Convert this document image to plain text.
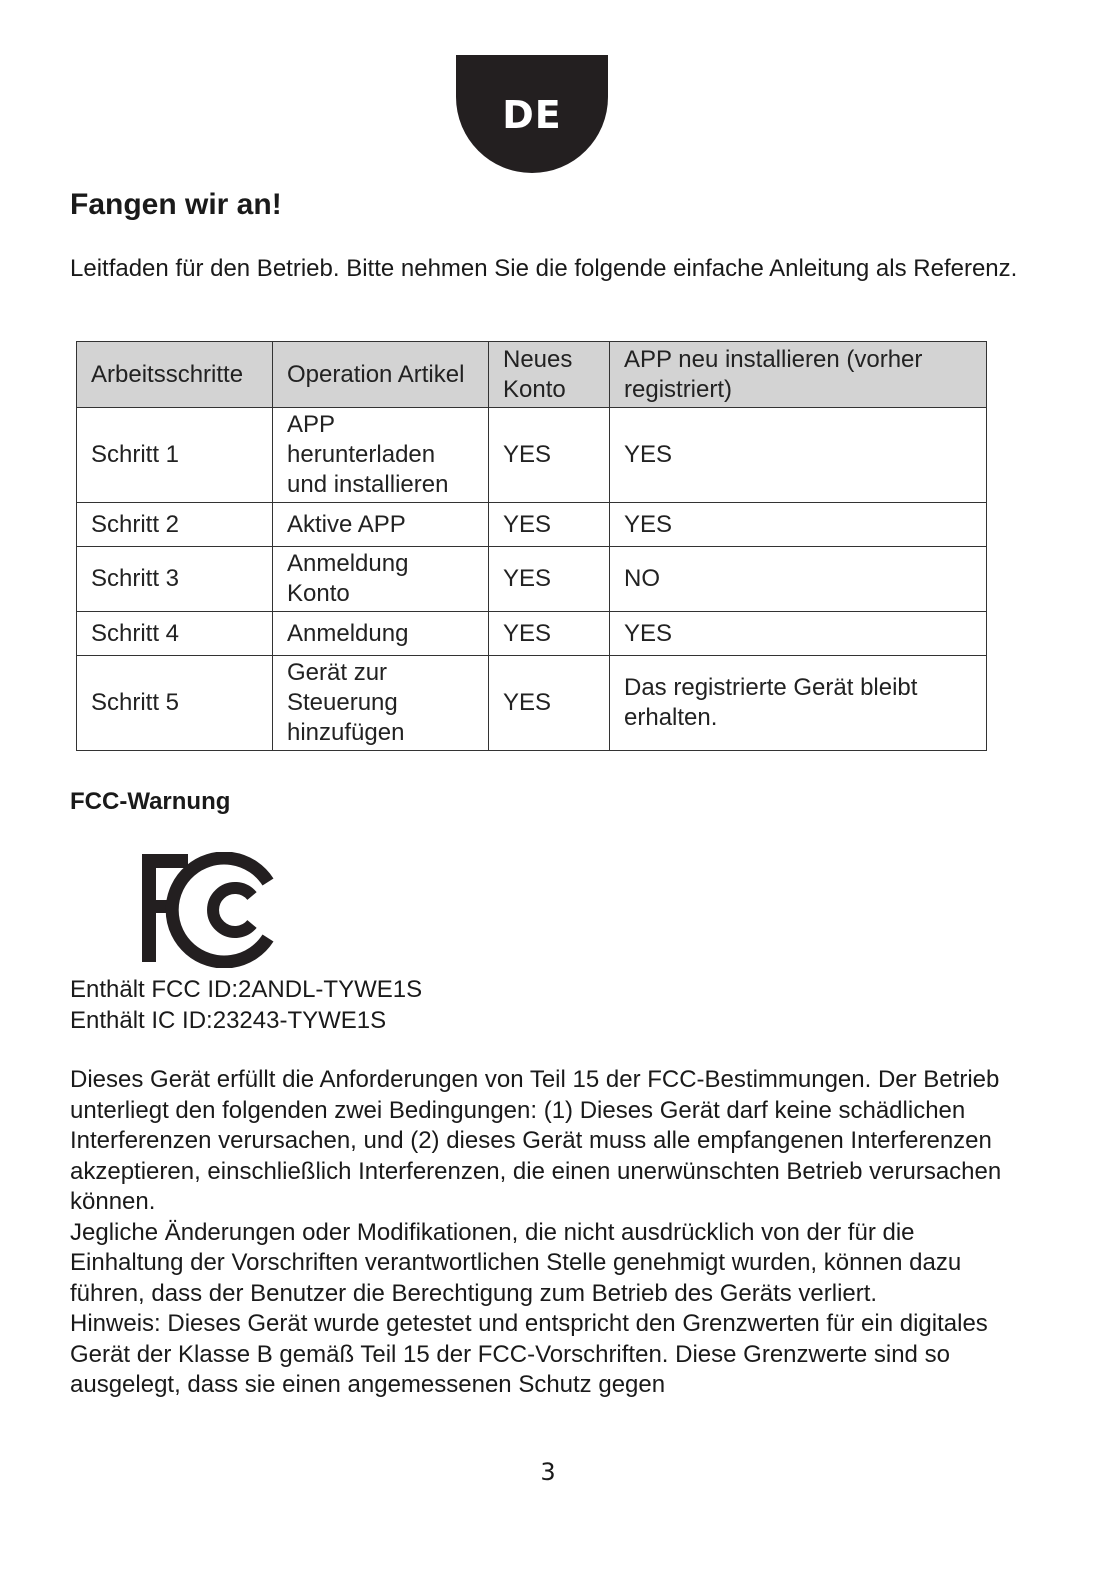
DE
Fangen wir an!

Leitfaden für den Betrieb. Bitte nehmen Sie die folgende einfache Anleitung als Referenz.

Arbeitsschritte	Operation Artikel	Neues Konto	APP neu installieren (vorher registriert)
Schritt 1	APP herunterladen und installieren	YES	YES
Schritt 2	Aktive APP	YES	YES
Schritt 3	Anmeldung Konto	YES	NO
Schritt 4	Anmeldung	YES	YES
Schritt 5	Gerät zur Steuerung hinzufügen	YES	Das registrierte Gerät bleibt erhalten.
FCC-Warnung
Enthält FCC ID:2ANDL-TYWE1S
Enthält IC ID:23243-TYWE1S

Dieses Gerät erfüllt die Anforderungen von Teil 15 der FCC-Bestimmungen. Der Betrieb unterliegt den folgenden zwei Bedingungen: (1) Dieses Gerät darf keine schädlichen Interferenzen verursachen, und (2) dieses Gerät muss alle empfangenen Interferenzen akzeptieren, einschließlich Interferenzen, die einen unerwünschten Betrieb verursachen können.

Jegliche Änderungen oder Modifikationen, die nicht ausdrücklich von der für die Einhaltung der Vorschriften verantwortlichen Stelle genehmigt wurden, können dazu führen, dass der Benutzer die Berechtigung zum Betrieb des Geräts verliert.

Hinweis: Dieses Gerät wurde getestet und entspricht den Grenzwerten für ein digitales Gerät der Klasse B gemäß Teil 15 der FCC-Vorschriften. Diese Grenzwerte sind so ausgelegt, dass sie einen angemessenen Schutz gegen

3
